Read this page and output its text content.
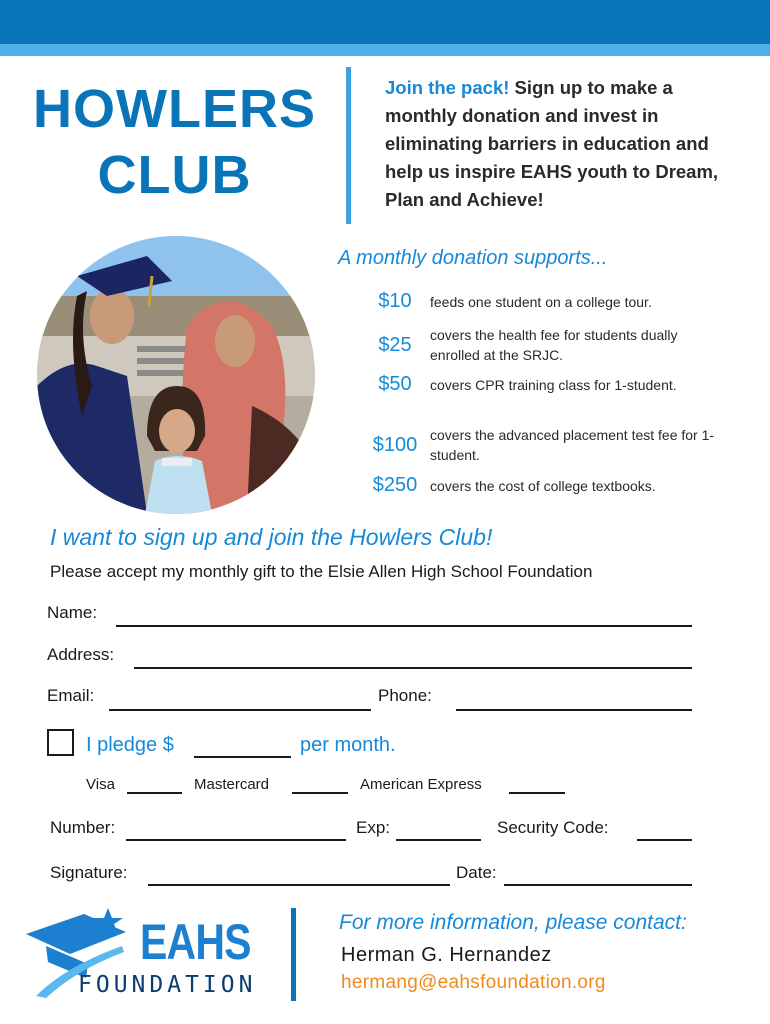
HOWLERS
CLUB
Join the pack! Sign up to make a monthly donation and invest in eliminating barriers in education and help us inspire EAHS youth to Dream, Plan and Achieve!
A monthly donation supports...
$10	feeds one student on a college tour.
$25	covers the health fee for students dually enrolled at the SRJC.
$50	covers CPR training class for 1-student.
$100 covers the advanced placement test fee for 1-student.
$250 covers the cost of college textbooks.
I want to sign up and join the Howlers Club!
Please accept my monthly gift to the Elsie Allen High School Foundation
Name:
Address:
Email:	Phone:
I pledge $	per month.
Visa	Mastercard	American Express
Number:	Exp:	Security Code:
Signature:	Date:
EAHS
FOUNDATION
For more information, please contact:
Herman G. Hernandez
hermang@eahsfoundation.org
